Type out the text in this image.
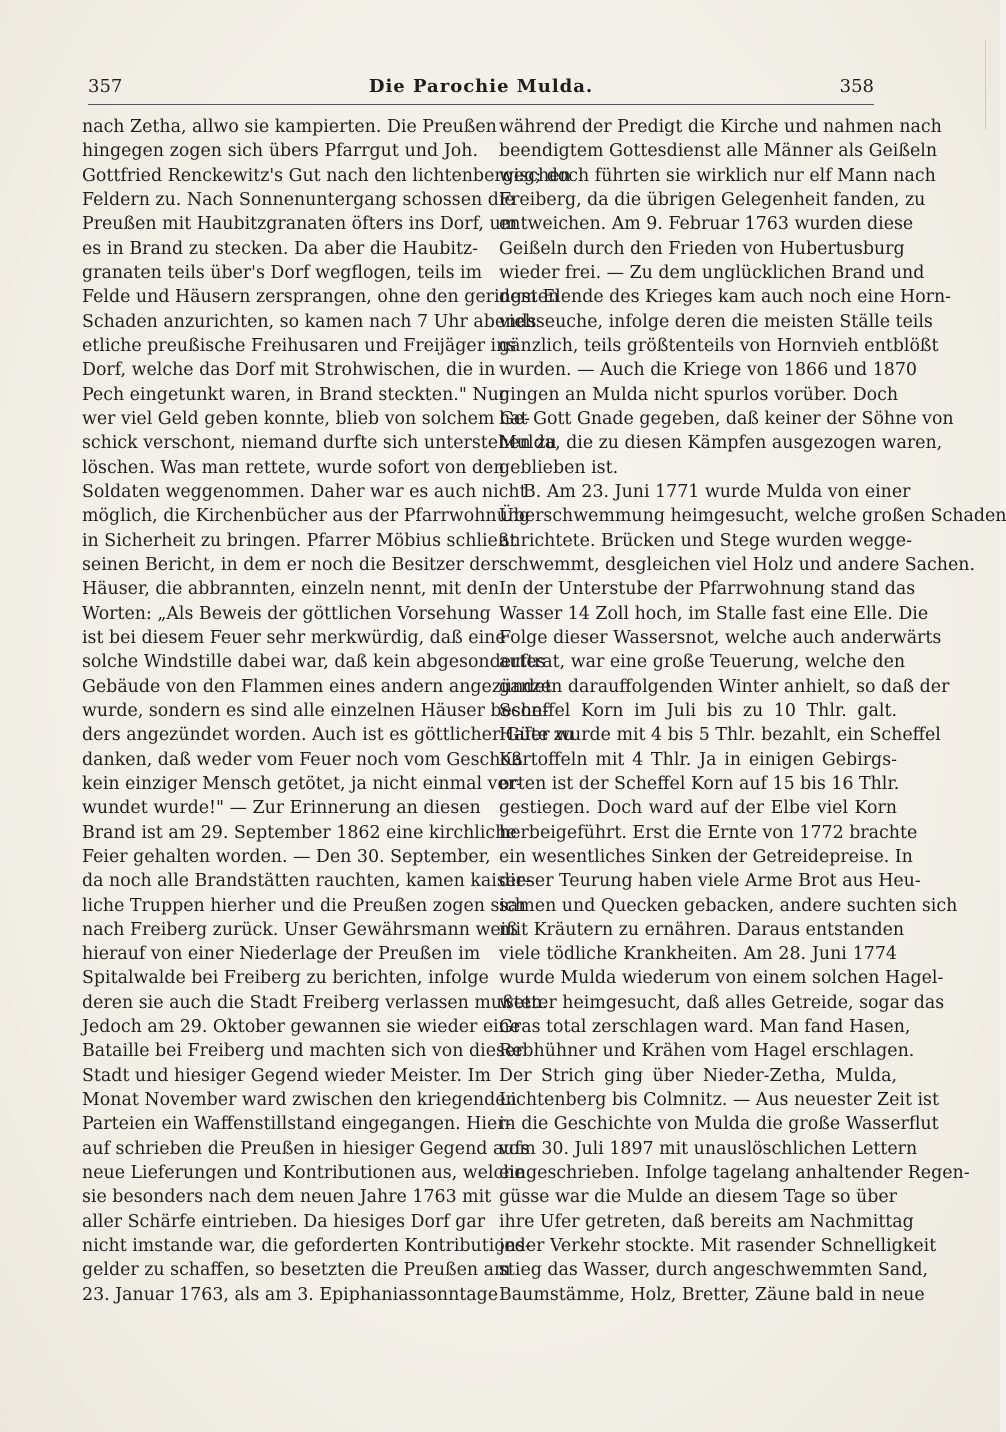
357	Die Parochie Mulda.	358
nach Zetha, allwo sie kampierten. Die Preußen
hingegen zogen sich übers Pfarrgut und Joh.
Gottfried Renckewitz's Gut nach den lichtenbergischen
Feldern zu. Nach Sonnenuntergang schossen die
Preußen mit Haubitzgranaten öfters ins Dorf, um
es in Brand zu stecken. Da aber die Haubitz-
granaten teils über's Dorf wegflogen, teils im
Felde und Häusern zersprangen, ohne den geringsten
Schaden anzurichten, so kamen nach 7 Uhr abends
etliche preußische Freihusaren und Freijäger ins
Dorf, welche das Dorf mit Strohwischen, die in
Pech eingetunkt waren, in Brand steckten." Nur
wer viel Geld geben konnte, blieb von solchem Ge-
schick verschont, niemand durfte sich unterstehen zu
löschen. Was man rettete, wurde sofort von den
Soldaten weggenommen. Daher war es auch nicht
möglich, die Kirchenbücher aus der Pfarrwohnung
in Sicherheit zu bringen. Pfarrer Möbius schließt
seinen Bericht, in dem er noch die Besitzer der
Häuser, die abbrannten, einzeln nennt, mit den
Worten: „Als Beweis der göttlichen Vorsehung
ist bei diesem Feuer sehr merkwürdig, daß eine
solche Windstille dabei war, daß kein abgesondertes
Gebäude von den Flammen eines andern angezündet
wurde, sondern es sind alle einzelnen Häuser beson-
ders angezündet worden. Auch ist es göttlicher Güte zu
danken, daß weder vom Feuer noch vom Geschoß
kein einziger Mensch getötet, ja nicht einmal ver-
wundet wurde!" — Zur Erinnerung an diesen
Brand ist am 29. September 1862 eine kirchliche
Feier gehalten worden. — Den 30. September,
da noch alle Brandstätten rauchten, kamen kaiser-
liche Truppen hierher und die Preußen zogen sich
nach Freiberg zurück. Unser Gewährsmann weiß
hierauf von einer Niederlage der Preußen im
Spitalwalde bei Freiberg zu berichten, infolge
deren sie auch die Stadt Freiberg verlassen mußten.
Jedoch am 29. Oktober gewannen sie wieder eine
Bataille bei Freiberg und machten sich von dieser
Stadt und hiesiger Gegend wieder Meister. Im
Monat November ward zwischen den kriegenden
Parteien ein Waffenstillstand eingegangen. Hier-
auf schrieben die Preußen in hiesiger Gegend aufs
neue Lieferungen und Kontributionen aus, welche
sie besonders nach dem neuen Jahre 1763 mit
aller Schärfe eintrieben. Da hiesiges Dorf gar
nicht imstande war, die geforderten Kontributions-
gelder zu schaffen, so besetzten die Preußen am
23. Januar 1763, als am 3. Epiphaniassonntage
während der Predigt die Kirche und nahmen nach
beendigtem Gottesdienst alle Männer als Geißeln
weg; doch führten sie wirklich nur elf Mann nach
Freiberg, da die übrigen Gelegenheit fanden, zu
entweichen. Am 9. Februar 1763 wurden diese
Geißeln durch den Frieden von Hubertusburg
wieder frei. — Zu dem unglücklichen Brand und
dem Elende des Krieges kam auch noch eine Horn-
viehseuche, infolge deren die meisten Ställe teils
gänzlich, teils größtenteils von Hornvieh entblößt
wurden. — Auch die Kriege von 1866 und 1870
gingen an Mulda nicht spurlos vorüber. Doch
hat Gott Gnade gegeben, daß keiner der Söhne von
Mulda, die zu diesen Kämpfen ausgezogen waren,
geblieben ist.
B. Am 23. Juni 1771 wurde Mulda von einer
Überschwemmung heimgesucht, welche großen Schaden
anrichtete. Brücken und Stege wurden wegge-
schwemmt, desgleichen viel Holz und andere Sachen.
In der Unterstube der Pfarrwohnung stand das
Wasser 14 Zoll hoch, im Stalle fast eine Elle. Die
Folge dieser Wassersnot, welche auch anderwärts
auftrat, war eine große Teuerung, welche den
ganzen darauffolgenden Winter anhielt, so daß der
Scheffel Korn im Juli bis zu 10 Thlr. galt.
Hafer wurde mit 4 bis 5 Thlr. bezahlt, ein Scheffel
Kartoffeln mit 4 Thlr. Ja in einigen Gebirgs-
orten ist der Scheffel Korn auf 15 bis 16 Thlr.
gestiegen. Doch ward auf der Elbe viel Korn
herbeigeführt. Erst die Ernte von 1772 brachte
ein wesentliches Sinken der Getreidepreise. In
dieser Teurung haben viele Arme Brot aus Heu-
samen und Quecken gebacken, andere suchten sich
mit Kräutern zu ernähren. Daraus entstanden
viele tödliche Krankheiten. Am 28. Juni 1774
wurde Mulda wiederum von einem solchen Hagel-
wetter heimgesucht, daß alles Getreide, sogar das
Gras total zerschlagen ward. Man fand Hasen,
Rebhühner und Krähen vom Hagel erschlagen.
Der Strich ging über Nieder-Zetha, Mulda,
Lichtenberg bis Colmnitz. — Aus neuester Zeit ist
in die Geschichte von Mulda die große Wasserflut
vom 30. Juli 1897 mit unauslöschlichen Lettern
eingeschrieben. Infolge tagelang anhaltender Regen-
güsse war die Mulde an diesem Tage so über
ihre Ufer getreten, daß bereits am Nachmittag
jeder Verkehr stockte. Mit rasender Schnelligkeit
stieg das Wasser, durch angeschwemmten Sand,
Baumstämme, Holz, Bretter, Zäune bald in neue
